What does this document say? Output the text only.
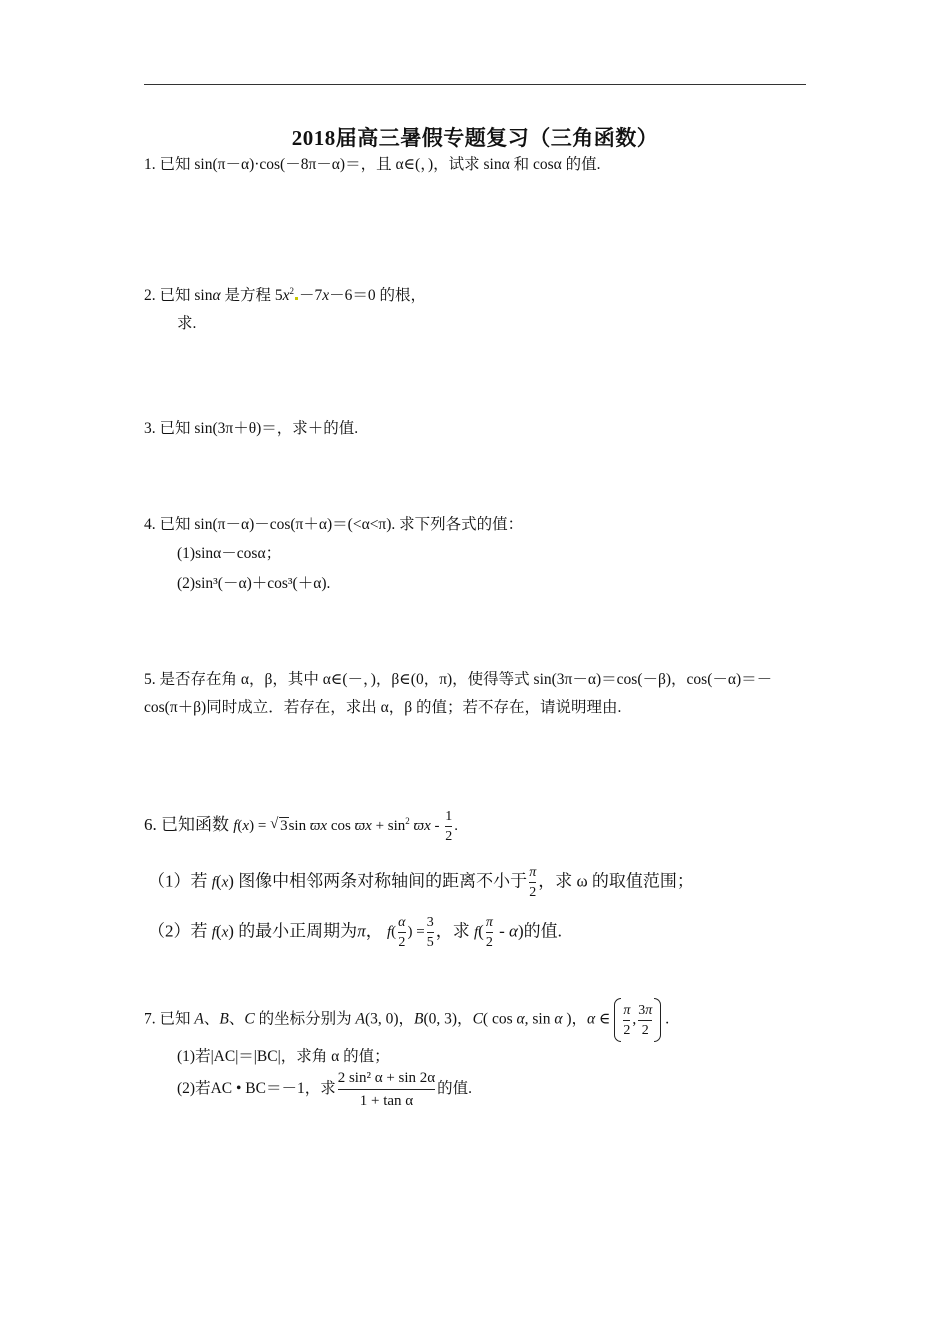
2018届高三暑假专题复习（三角函数）
1. 已知 sin(π－α)·cos(－8π－α)＝，且 α∈(，)，试求 sinα 和 cosα 的值.
2. 已知 sinα 是方程 $5x^2 -7x-6=0$ 的根，
求.
3. 已知 sin(3π＋θ)＝，求＋的值.
4. 已知 sin(π－α)－cos(π＋α)＝(<α<π). 求下列各式的值：
(1)sinα－cosα；
(2)sin³(－α)＋cos³(＋α).
5. 是否存在角 α，β，其中 α∈(－，)，β∈(0，π)，使得等式 sin(3π－α)＝cos(－β)，cos(－α)＝－
cos(π＋β)同时成立．若存在，求出 α，β 的值；若不存在，请说明理由.
6. 已知函数 f(x) = √ 3sin ϖx $\cos ϖx + \sin^2 ϖx - \frac{1}{2}$ .
（1）若 f(x) 图像中相邻两条对称轴间的距离不小于 $\frac{\pi}{2}$ ，求 ω 的取值范围；
（2）若 f(x) 的最小正周期为π， $f( \frac{\alpha}{2}$ ) = $\frac{3}{5}$ ，求 $f( \frac{\pi}{2} - \alpha)$的值.
7. 已知 A、B、C 的坐标分别为 A(3, 0)，B(0, 3)，C( cos α, sin α )，α ∈ $\frac{\pi}{2}$ , $\frac{3\pi}{2}$ .
(1)若|AC|＝|BC|，求角 α 的值；
(2)若AC • BC＝－1，求 $\frac{\text{2 sin² α + sin 2α}}{\text{1 + tan α}}$ 的值.
